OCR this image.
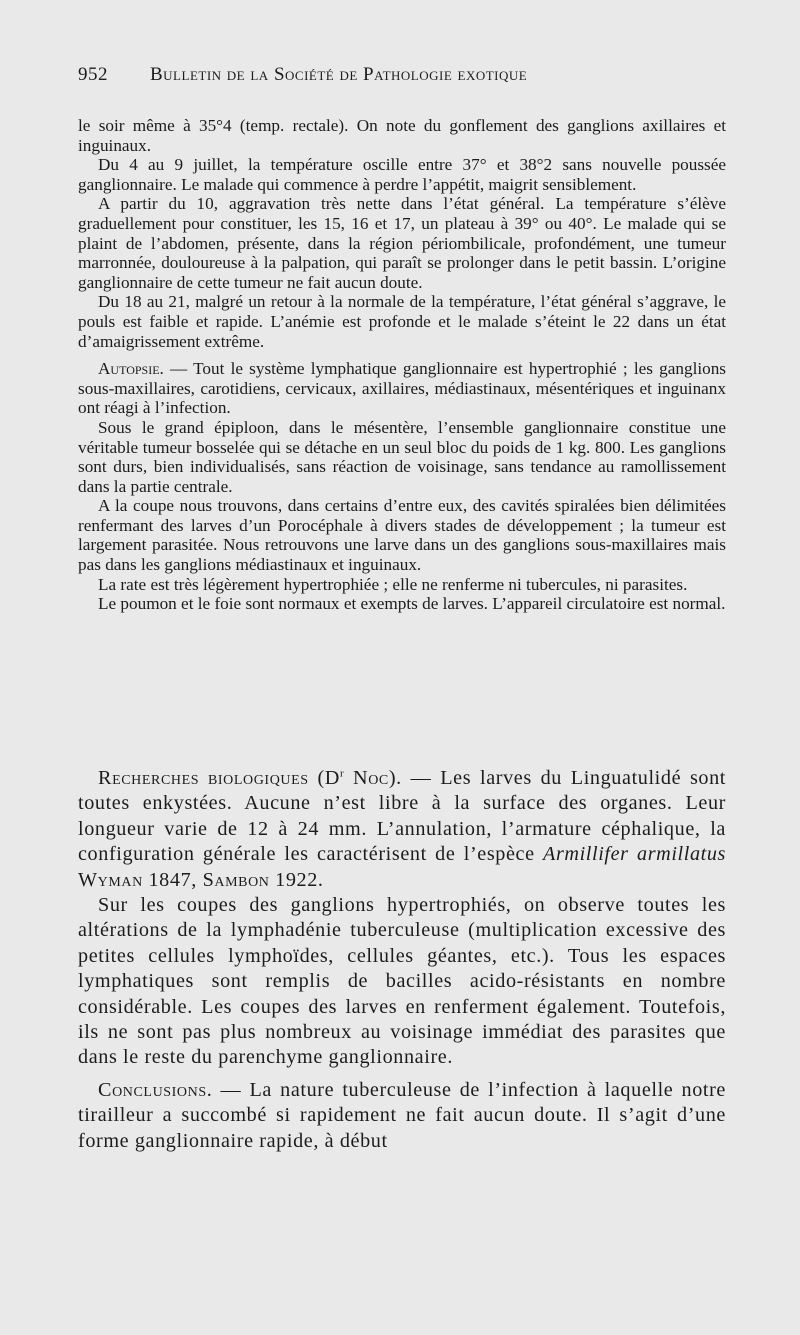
952 Bulletin de la Société de Pathologie exotique

le soir même à 35°4 (temp. rectale). On note du gonflement des ganglions axillaires et inguinaux.

Du 4 au 9 juillet, la température oscille entre 37° et 38°2 sans nouvelle poussée ganglionnaire. Le malade qui commence à perdre l’appétit, maigrit sensiblement.

A partir du 10, aggravation très nette dans l’état général. La température s’élève graduellement pour constituer, les 15, 16 et 17, un plateau à 39° ou 40°. Le malade qui se plaint de l’abdomen, présente, dans la région périombilicale, profondément, une tumeur marronnée, douloureuse à la palpation, qui paraît se prolonger dans le petit bassin. L’origine ganglionnaire de cette tumeur ne fait aucun doute.

Du 18 au 21, malgré un retour à la normale de la température, l’état général s’aggrave, le pouls est faible et rapide. L’anémie est profonde et le malade s’éteint le 22 dans un état d’amaigrissement extrême.

Autopsie. — Tout le système lymphatique ganglionnaire est hypertrophié ; les ganglions sous-maxillaires, carotidiens, cervicaux, axillaires, médiastinaux, mésentériques et inguinanx ont réagi à l’infection.

Sous le grand épiploon, dans le mésentère, l’ensemble ganglionnaire constitue une véritable tumeur bosselée qui se détache en un seul bloc du poids de 1 kg. 800. Les ganglions sont durs, bien individualisés, sans réaction de voisinage, sans tendance au ramollissement dans la partie centrale.

A la coupe nous trouvons, dans certains d’entre eux, des cavités spiralées bien délimitées renfermant des larves d’un Porocéphale à divers stades de développement ; la tumeur est largement parasitée. Nous retrouvons une larve dans un des ganglions sous-maxillaires mais pas dans les ganglions médiastinaux et inguinaux.

La rate est très légèrement hypertrophiée ; elle ne renferme ni tubercules, ni parasites.

Le poumon et le foie sont normaux et exempts de larves. L’appareil circulatoire est normal.

Recherches biologiques ($D^r$ Noc). — Les larves du Linguatulidé sont toutes enkystées. Aucune n’est libre à la surface des organes. Leur longueur varie de 12 à 24 mm. L’annulation, l’armature céphalique, la configuration générale les caractérisent de l’espèce Armillifer armillatus Wyman 1847, Sambon 1922.

Sur les coupes des ganglions hypertrophiés, on observe toutes les altérations de la lymphadénie tuberculeuse (multiplication excessive des petites cellules lymphoïdes, cellules géantes, etc.). Tous les espaces lymphatiques sont remplis de bacilles acido-résistants en nombre considérable. Les coupes des larves en renferment également. Toutefois, ils ne sont pas plus nombreux au voisinage immédiat des parasites que dans le reste du parenchyme ganglionnaire.

Conclusions. — La nature tuberculeuse de l’infection à laquelle notre tirailleur a succombé si rapidement ne fait aucun doute. Il s’agit d’une forme ganglionnaire rapide, à début
